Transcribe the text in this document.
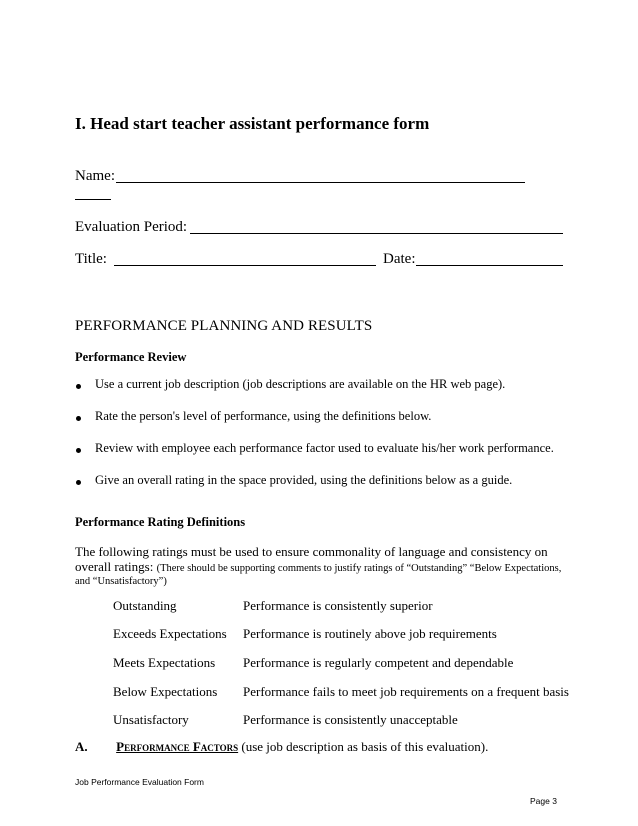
I. Head start teacher assistant performance form
Name:
Evaluation Period:
Title:	Date:
PERFORMANCE PLANNING AND RESULTS
Performance Review
Use a current job description (job descriptions are available on the HR web page).
Rate the person's level of performance, using the definitions below.
Review with employee each performance factor used to evaluate his/her work performance.
Give an overall rating in the space provided, using the definitions below as a guide.
Performance Rating Definitions
The following ratings must be used to ensure commonality of language and consistency on
overall ratings: (There should be supporting comments to justify ratings of “Outstanding” “Below Expectations,
and “Unsatisfactory”)
Outstanding	Performance is consistently superior
Exceeds Expectations Performance is routinely above job requirements
Meets Expectations Performance is regularly competent and dependable
Below Expectations Performance fails to meet job requirements on a frequent basis
Unsatisfactory	Performance is consistently unacceptable
A. Performance Factors (use job description as basis of this evaluation).
Job Performance Evaluation Form
Page 3
